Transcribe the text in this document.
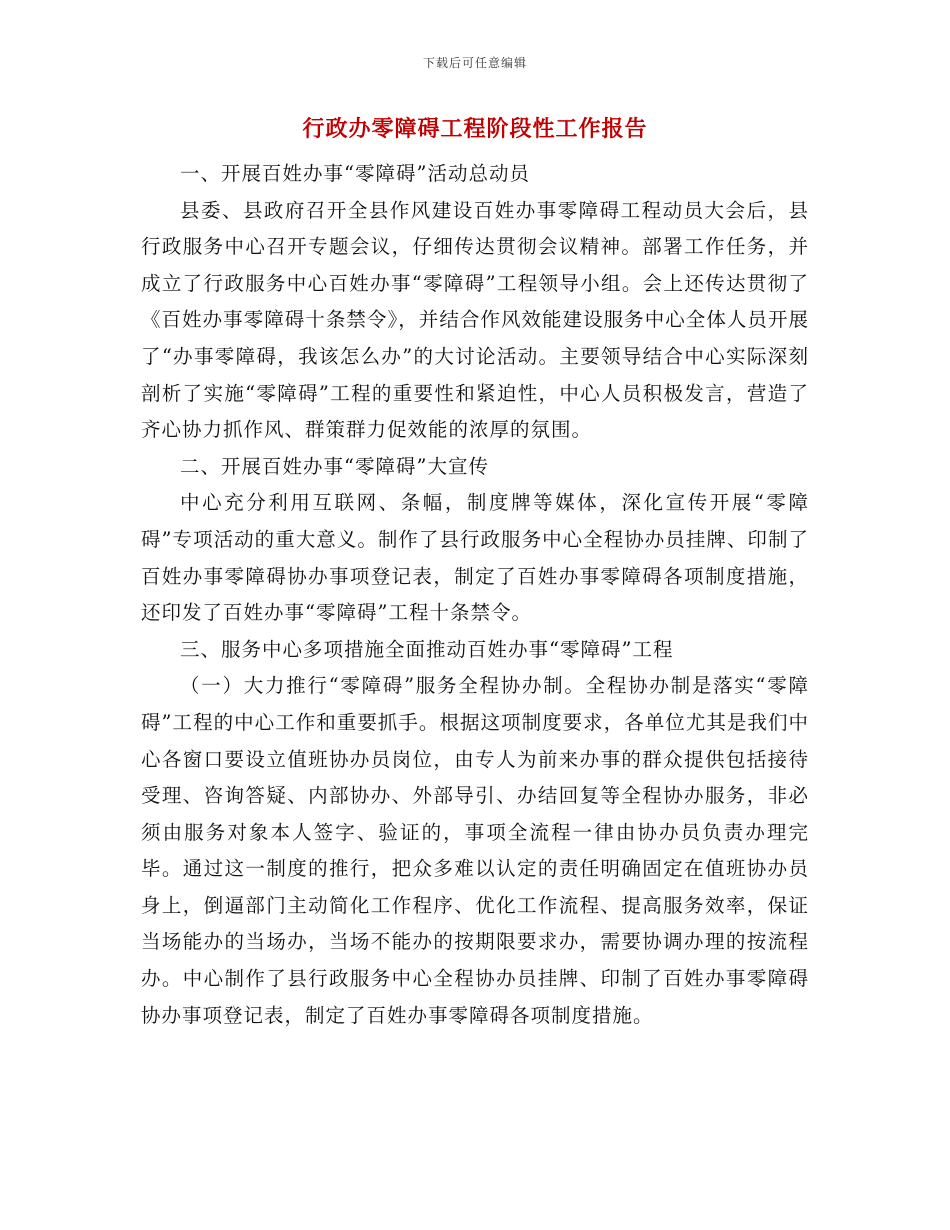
下载后可任意编辑
行政办零障碍工程阶段性工作报告

一、开展百姓办事“零障碍”活动总动员

县委、县政府召开全县作风建设百姓办事零障碍工程动员大会后，县行政服务中心召开专题会议，仔细传达贯彻会议精神。部署工作任务，并成立了行政服务中心百姓办事“零障碍”工程领导小组。会上还传达贯彻了《百姓办事零障碍十条禁令》，并结合作风效能建设服务中心全体人员开展了“办事零障碍，我该怎么办”的大讨论活动。主要领导结合中心实际深刻剖析了实施“零障碍”工程的重要性和紧迫性，中心人员积极发言，营造了齐心协力抓作风、群策群力促效能的浓厚的氛围。

二、开展百姓办事“零障碍”大宣传

中心充分利用互联网、条幅，制度牌等媒体，深化宣传开展“零障碍”专项活动的重大意义。制作了县行政服务中心全程协办员挂牌、印制了百姓办事零障碍协办事项登记表，制定了百姓办事零障碍各项制度措施，还印发了百姓办事“零障碍”工程十条禁令。

三、服务中心多项措施全面推动百姓办事“零障碍”工程

（一）大力推行“零障碍”服务全程协办制。全程协办制是落实“零障碍”工程的中心工作和重要抓手。根据这项制度要求，各单位尤其是我们中心各窗口要设立值班协办员岗位，由专人为前来办事的群众提供包括接待受理、咨询答疑、内部协办、外部导引、办结回复等全程协办服务，非必须由服务对象本人签字、验证的，事项全流程一律由协办员负责办理完毕。通过这一制度的推行，把众多难以认定的责任明确固定在值班协办员身上，倒逼部门主动简化工作程序、优化工作流程、提高服务效率，保证当场能办的当场办，当场不能办的按期限要求办，需要协调办理的按流程办。中心制作了县行政服务中心全程协办员挂牌、印制了百姓办事零障碍协办事项登记表，制定了百姓办事零障碍各项制度措施。
